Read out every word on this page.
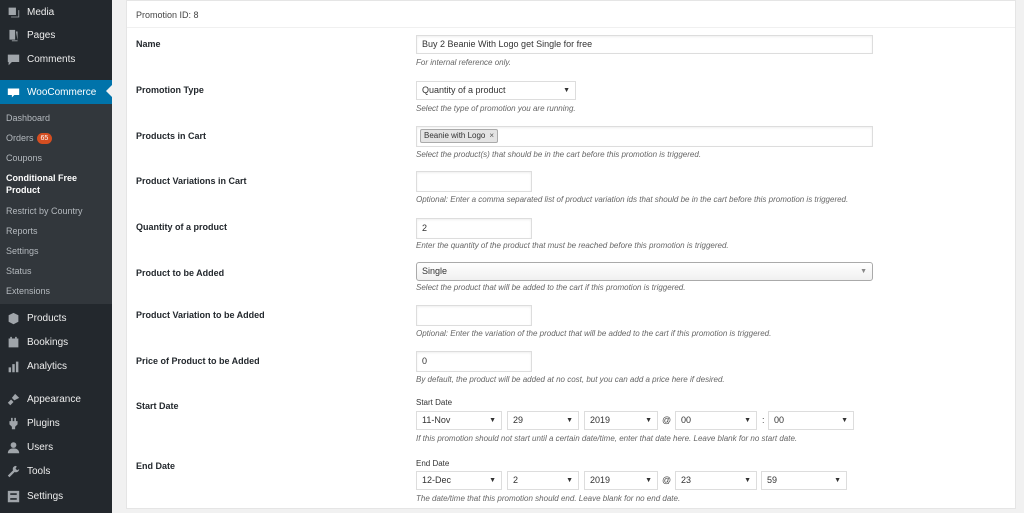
Media
Pages
Comments
WooCommerce
Dashboard
Orders 65
Coupons
Conditional Free Product
Restrict by Country
Reports
Settings
Status
Extensions
Products
Bookings
Analytics
Appearance
Plugins
Users
Tools
Settings
Promotion ID: 8
Name	Buy 2 Beanie With Logo get Single for free
For internal reference only.
Promotion Type	Quantity of a product	▼
Select the type of promotion you are running.
Products in Cart	Beanie with Logo ×
Select the product(s) that should be in the cart before this promotion is triggered.
Product Variations in Cart
Optional: Enter a comma separated list of product variation ids that should be in the cart before this promotion is triggered.
Quantity of a product	2
Enter the quantity of the product that must be reached before this promotion is triggered.
Product to be Added	Single	▼
Select the product that will be added to the cart if this promotion is triggered.
Product Variation to be Added
Optional: Enter the variation of the product that will be added to the cart if this promotion is triggered.
Price of Product to be Added	0
By default, the product will be added at no cost, but you can add a price here if desired.
Start Date	Start Date
11-Nov	▼	29	▼	2019	▼ @	00	▼ :	00	▼
If this promotion should not start until a certain date/time, enter that date here. Leave blank for no start date.
End Date	End Date
12-Dec	▼	2	▼	2019	▼ @	23	▼	59	▼
The date/time that this promotion should end. Leave blank for no end date.
